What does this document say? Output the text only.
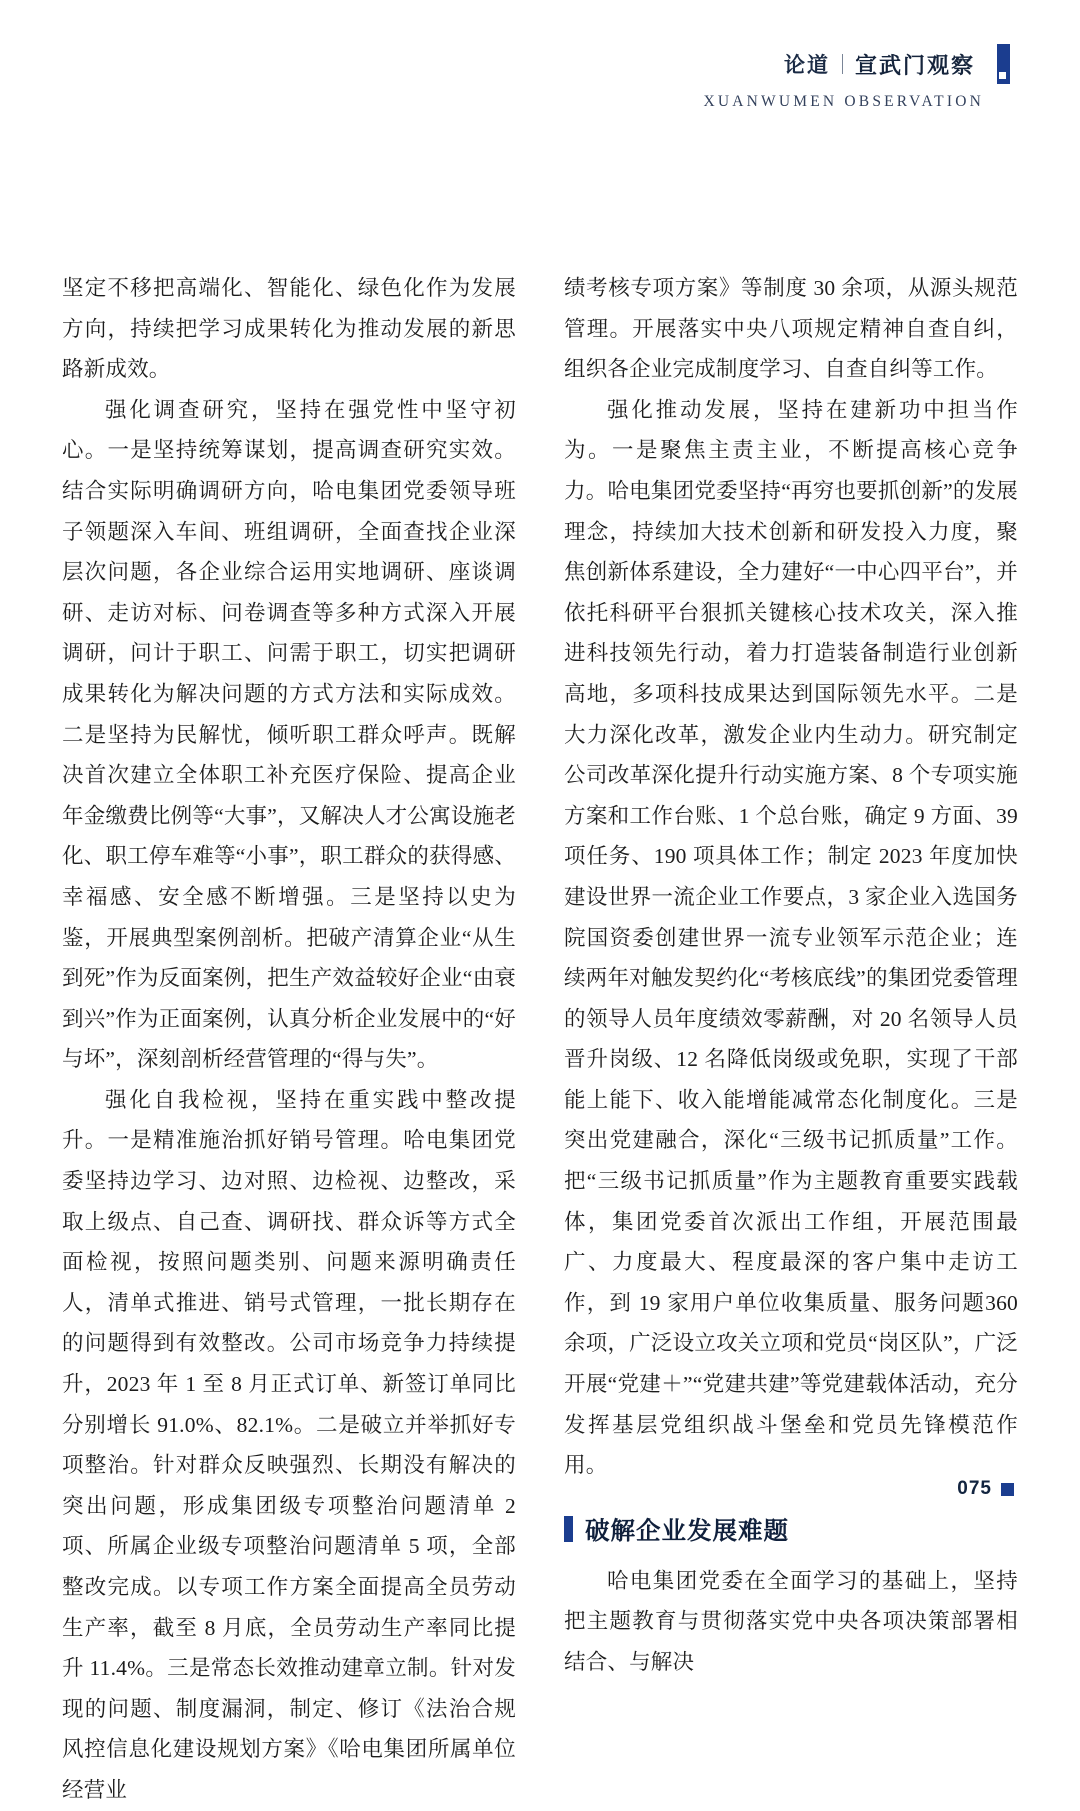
论道 宣武门观察
XUANWUMEN OBSERVATION

坚定不移把高端化、智能化、绿色化作为发展方向，持续把学习成果转化为推动发展的新思路新成效。

强化调查研究，坚持在强党性中坚守初心。一是坚持统筹谋划，提高调查研究实效。结合实际明确调研方向，哈电集团党委领导班子领题深入车间、班组调研，全面查找企业深层次问题，各企业综合运用实地调研、座谈调研、走访对标、问卷调查等多种方式深入开展调研，问计于职工、问需于职工，切实把调研成果转化为解决问题的方式方法和实际成效。二是坚持为民解忧，倾听职工群众呼声。既解决首次建立全体职工补充医疗保险、提高企业年金缴费比例等“大事”，又解决人才公寓设施老化、职工停车难等“小事”，职工群众的获得感、幸福感、安全感不断增强。三是坚持以史为鉴，开展典型案例剖析。把破产清算企业“从生到死”作为反面案例，把生产效益较好企业“由衰到兴”作为正面案例，认真分析企业发展中的“好与坏”，深刻剖析经营管理的“得与失”。

强化自我检视，坚持在重实践中整改提升。一是精准施治抓好销号管理。哈电集团党委坚持边学习、边对照、边检视、边整改，采取上级点、自己查、调研找、群众诉等方式全面检视，按照问题类别、问题来源明确责任人，清单式推进、销号式管理，一批长期存在的问题得到有效整改。公司市场竞争力持续提升，2023 年 1 至 8 月正式订单、新签订单同比分别增长 91.0%、82.1%。二是破立并举抓好专项整治。针对群众反映强烈、长期没有解决的突出问题，形成集团级专项整治问题清单 2 项、所属企业级专项整治问题清单 5 项，全部整改完成。以专项工作方案全面提高全员劳动生产率，截至 8 月底，全员劳动生产率同比提升 11.4%。三是常态长效推动建章立制。针对发现的问题、制度漏洞，制定、修订《法治合规风控信息化建设规划方案》《哈电集团所属单位经营业

绩考核专项方案》等制度 30 余项，从源头规范管理。开展落实中央八项规定精神自查自纠，组织各企业完成制度学习、自查自纠等工作。

强化推动发展，坚持在建新功中担当作为。一是聚焦主责主业，不断提高核心竞争力。哈电集团党委坚持“再穷也要抓创新”的发展理念，持续加大技术创新和研发投入力度，聚焦创新体系建设，全力建好“一中心四平台”，并依托科研平台狠抓关键核心技术攻关，深入推进科技领先行动，着力打造装备制造行业创新高地，多项科技成果达到国际领先水平。二是大力深化改革，激发企业内生动力。研究制定公司改革深化提升行动实施方案、8 个专项实施方案和工作台账、1 个总台账，确定 9 方面、39 项任务、190 项具体工作；制定 2023 年度加快建设世界一流企业工作要点，3 家企业入选国务院国资委创建世界一流专业领军示范企业；连续两年对触发契约化“考核底线”的集团党委管理的领导人员年度绩效零薪酬，对 20 名领导人员晋升岗级、12 名降低岗级或免职，实现了干部能上能下、收入能增能减常态化制度化。三是突出党建融合，深化“三级书记抓质量”工作。把“三级书记抓质量”作为主题教育重要实践载体，集团党委首次派出工作组，开展范围最广、力度最大、程度最深的客户集中走访工作，到 19 家用户单位收集质量、服务问题360 余项，广泛设立攻关立项和党员“岗区队”，广泛开展“党建＋”“党建共建”等党建载体活动，充分发挥基层党组织战斗堡垒和党员先锋模范作用。

破解企业发展难题

哈电集团党委在全面学习的基础上，坚持把主题教育与贯彻落实党中央各项决策部署相结合、与解决

075
